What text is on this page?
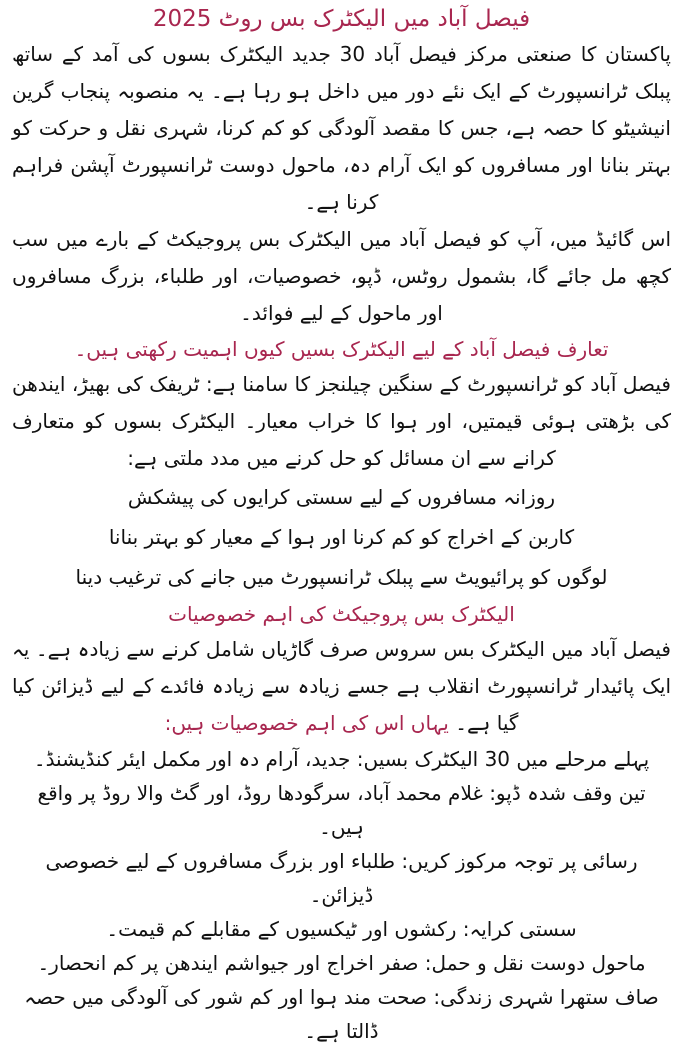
فیصل آباد میں الیکٹرک بس روٹ 2025

پاکستان کا صنعتی مرکز فیصل آباد 30 جدید الیکٹرک بسوں کی آمد کے ساتھ پبلک ٹرانسپورٹ کے ایک نئے دور میں داخل ہو رہا ہے۔ یہ منصوبہ پنجاب گرین انیشیٹو کا حصہ ہے، جس کا مقصد آلودگی کو کم کرنا، شہری نقل و حرکت کو بہتر بنانا اور مسافروں کو ایک آرام دہ، ماحول دوست ٹرانسپورٹ آپشن فراہم کرنا ہے۔

اس گائیڈ میں، آپ کو فیصل آباد میں الیکٹرک بس پروجیکٹ کے بارے میں سب کچھ مل جائے گا، بشمول روٹس، ڈپو، خصوصیات، اور طلباء، بزرگ مسافروں اور ماحول کے لیے فوائد۔

تعارف فیصل آباد کے لیے الیکٹرک بسیں کیوں اہمیت رکھتی ہیں۔

فیصل آباد کو ٹرانسپورٹ کے سنگین چیلنجز کا سامنا ہے: ٹریفک کی بھیڑ، ایندھن کی بڑھتی ہوئی قیمتیں، اور ہوا کا خراب معیار۔ الیکٹرک بسوں کو متعارف کرانے سے ان مسائل کو حل کرنے میں مدد ملتی ہے:

روزانہ مسافروں کے لیے سستی کرایوں کی پیشکش
کاربن کے اخراج کو کم کرنا اور ہوا کے معیار کو بہتر بنانا
لوگوں کو پرائیویٹ سے پبلک ٹرانسپورٹ میں جانے کی ترغیب دینا
الیکٹرک بس پروجیکٹ کی اہم خصوصیات

فیصل آباد میں الیکٹرک بس سروس صرف گاڑیاں شامل کرنے سے زیادہ ہے۔ یہ ایک پائیدار ٹرانسپورٹ انقلاب ہے جسے زیادہ سے زیادہ فائدے کے لیے ڈیزائن کیا گیا ہے۔ یہاں اس کی اہم خصوصیات ہیں:

پہلے مرحلے میں 30 الیکٹرک بسیں: جدید، آرام دہ اور مکمل ایئر کنڈیشنڈ۔
تین وقف شدہ ڈپو: غلام محمد آباد، سرگودھا روڈ، اور گٹ والا روڈ پر واقع ہیں۔
رسائی پر توجہ مرکوز کریں: طلباء اور بزرگ مسافروں کے لیے خصوصی ڈیزائن۔
سستی کرایہ: رکشوں اور ٹیکسیوں کے مقابلے کم قیمت۔
ماحول دوست نقل و حمل: صفر اخراج اور جیواشم ایندھن پر کم انحصار۔
صاف ستھرا شہری زندگی: صحت مند ہوا اور کم شور کی آلودگی میں حصہ ڈالتا ہے۔
